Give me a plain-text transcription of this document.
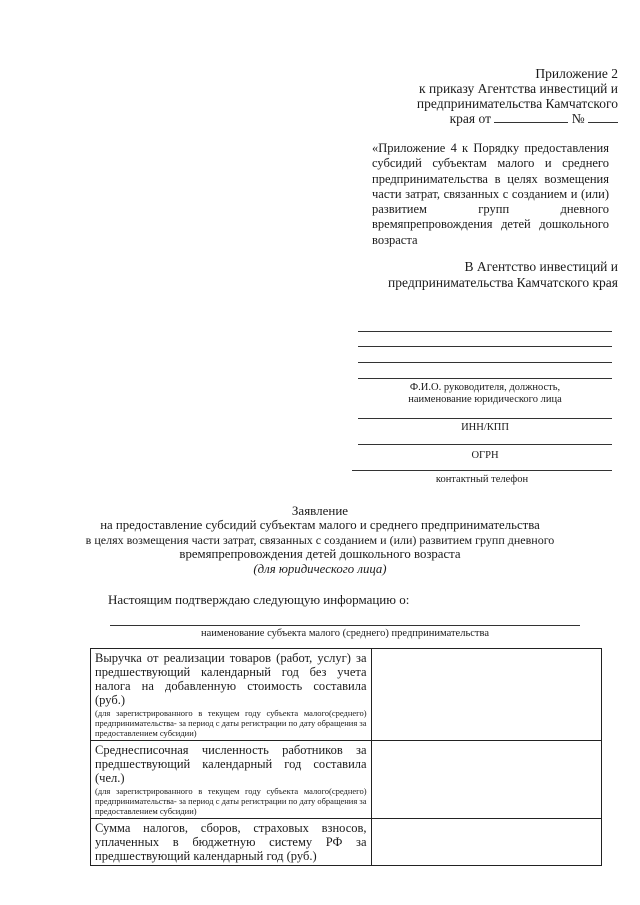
Приложение 2
к приказу Агентства инвестиций и
предпринимательства Камчатского
края от	№
«Приложение 4 к Порядку предоставления субсидий субъектам малого и среднего предпринимательства в целях возмещения части затрат, связанных с созданием и (или) развитием групп дневного времяпрепровождения детей дошкольного возраста
В Агентство инвестиций и
предпринимательства Камчатского края
Ф.И.О. руководителя, должность,
наименование юридического лица
ИНН/КПП
ОГРН
контактный телефон
Заявление
на предоставление субсидий субъектам малого и среднего предпринимательства
в целях возмещения части затрат, связанных с созданием и (или) развитием групп дневного
времяпрепровождения детей дошкольного возраста
(для юридического лица)
Настоящим подтверждаю следующую информацию о:
наименование субъекта малого (среднего) предпринимательства
Выручка от реализации товаров (работ, услуг) за предшествующий календарный год без учета налога на добавленную стоимость составила (руб.)
(для зарегистрированного в текущем году субъекта малого(среднего) предпринимательства- за период с даты регистрации по дату обращения за предоставлением субсидии)	

Среднесписочная численность работников за предшествующий календарный год составила (чел.)
(для зарегистрированного в текущем году субъекта малого(среднего) предпринимательства- за период с даты регистрации по дату обращения за предоставлением субсидии)	

Сумма налогов, сборов, страховых взносов, уплаченных в бюджетную систему РФ за предшествующий календарный год (руб.)	
